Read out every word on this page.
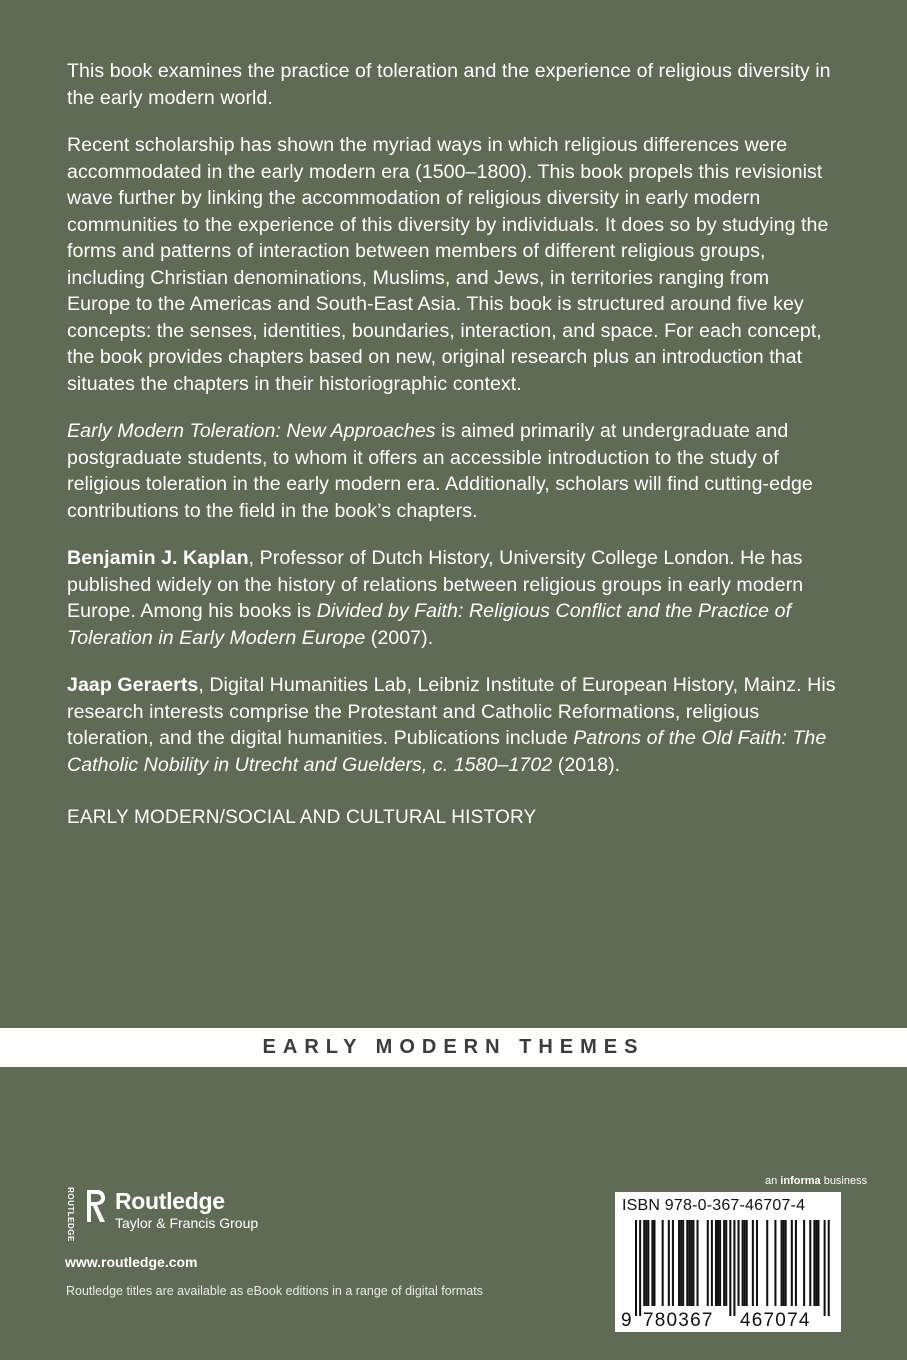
This book examines the practice of toleration and the experience of religious diversity in the early modern world.

Recent scholarship has shown the myriad ways in which religious differences were accommodated in the early modern era (1500–1800). This book propels this revisionist wave further by linking the accommodation of religious diversity in early modern communities to the experience of this diversity by individuals. It does so by studying the forms and patterns of interaction between members of different religious groups, including Christian denominations, Muslims, and Jews, in territories ranging from Europe to the Americas and South-East Asia. This book is structured around five key concepts: the senses, identities, boundaries, interaction, and space. For each concept, the book provides chapters based on new, original research plus an introduction that situates the chapters in their historiographic context.

Early Modern Toleration: New Approaches is aimed primarily at undergraduate and postgraduate students, to whom it offers an accessible introduction to the study of religious toleration in the early modern era. Additionally, scholars will find cutting-edge contributions to the field in the book’s chapters.

Benjamin J. Kaplan, Professor of Dutch History, University College London. He has published widely on the history of relations between religious groups in early modern Europe. Among his books is Divided by Faith: Religious Conflict and the Practice of Toleration in Early Modern Europe (2007).

Jaap Geraerts, Digital Humanities Lab, Leibniz Institute of European History, Mainz. His research interests comprise the Protestant and Catholic Reformations, religious toleration, and the digital humanities. Publications include Patrons of the Old Faith: The Catholic Nobility in Utrecht and Guelders, c. 1580–1702 (2018).

EARLY MODERN/SOCIAL AND CULTURAL HISTORY

EARLY MODERN THEMES
ROUTLEDGE Routledge
Taylor & Francis Group
www.routledge.com
Routledge titles are available as eBook editions in a range of digital formats
an informa business
ISBN 978-0-367-46707-4
9 780367 467074
